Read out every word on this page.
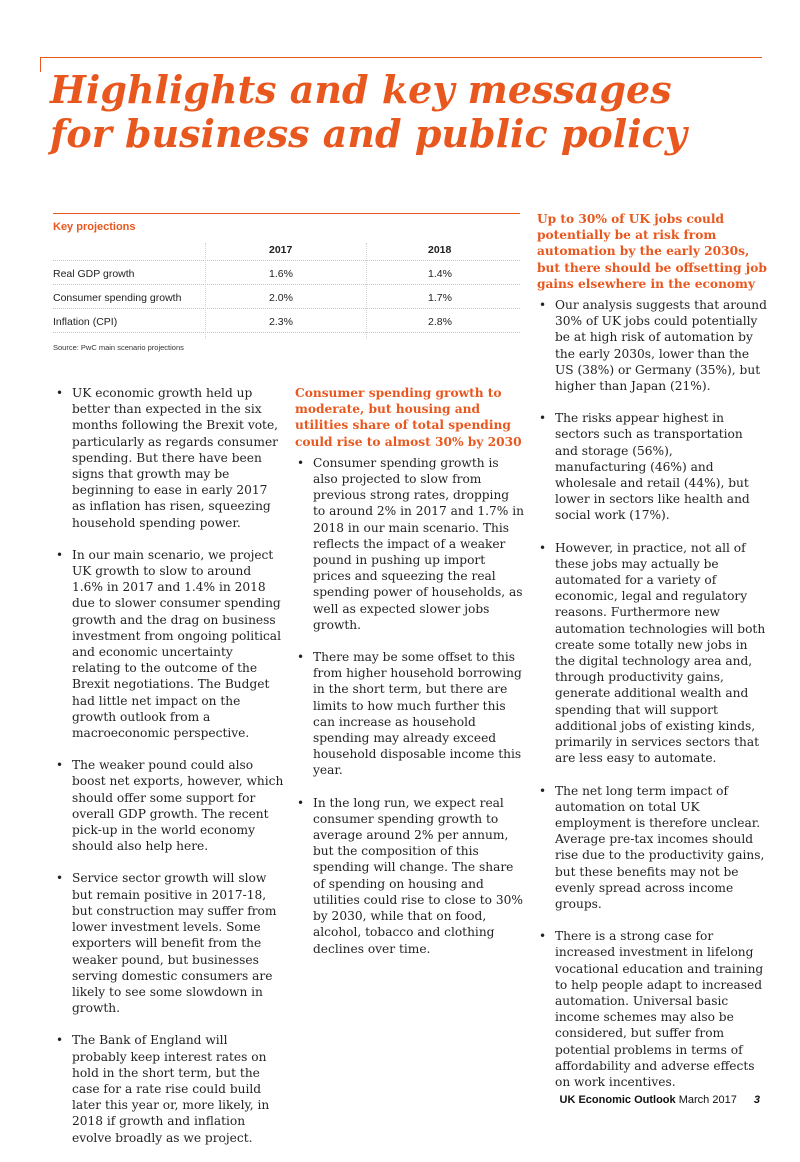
Highlights and key messages
for business and public policy
Key projections
2017	2018
Real GDP growth	1.6%	1.4%
Consumer spending growth	2.0%	1.7%
Inflation (CPI)	2.3%	2.8%
Source: PwC main scenario projections
• UK economic growth held up better than expected in the six months following the Brexit vote, particularly as regards consumer spending. But there have been signs that growth may be beginning to ease in early 2017 as inflation has risen, squeezing household spending power.
• In our main scenario, we project UK growth to slow to around 1.6% in 2017 and 1.4% in 2018 due to slower consumer spending growth and the drag on business investment from ongoing political and economic uncertainty relating to the outcome of the Brexit negotiations. The Budget had little net impact on the growth outlook from a macroeconomic perspective.
• The weaker pound could also boost net exports, however, which should offer some support for overall GDP growth. The recent pick-up in the world economy should also help here.
• Service sector growth will slow but remain positive in 2017-18, but construction may suffer from lower investment levels. Some exporters will benefit from the weaker pound, but businesses serving domestic consumers are likely to see some slowdown in growth.
• The Bank of England will probably keep interest rates on hold in the short term, but the case for a rate rise could build later this year or, more likely, in 2018 if growth and inflation evolve broadly as we project.
Consumer spending growth to moderate, but housing and utilities share of total spending could rise to almost 30% by 2030
• Consumer spending growth is also projected to slow from previous strong rates, dropping to around 2% in 2017 and 1.7% in 2018 in our main scenario. This reflects the impact of a weaker pound in pushing up import prices and squeezing the real spending power of households, as well as expected slower jobs growth.
• There may be some offset to this from higher household borrowing in the short term, but there are limits to how much further this can increase as household spending may already exceed household disposable income this year.
• In the long run, we expect real consumer spending growth to average around 2% per annum, but the composition of this spending will change. The share of spending on housing and utilities could rise to close to 30% by 2030, while that on food, alcohol, tobacco and clothing declines over time.
Up to 30% of UK jobs could potentially be at risk from automation by the early 2030s, but there should be offsetting job gains elsewhere in the economy
• Our analysis suggests that around 30% of UK jobs could potentially be at high risk of automation by the early 2030s, lower than the US (38%) or Germany (35%), but higher than Japan (21%).
• The risks appear highest in sectors such as transportation and storage (56%), manufacturing (46%) and wholesale and retail (44%), but lower in sectors like health and social work (17%).
• However, in practice, not all of these jobs may actually be automated for a variety of economic, legal and regulatory reasons. Furthermore new automation technologies will both create some totally new jobs in the digital technology area and, through productivity gains, generate additional wealth and spending that will support additional jobs of existing kinds, primarily in services sectors that are less easy to automate.
• The net long term impact of automation on total UK employment is therefore unclear. Average pre-tax incomes should rise due to the productivity gains, but these benefits may not be evenly spread across income groups.
• There is a strong case for increased investment in lifelong vocational education and training to help people adapt to increased automation. Universal basic income schemes may also be considered, but suffer from potential problems in terms of affordability and adverse effects on work incentives.
UK Economic Outlook March 2017 3
